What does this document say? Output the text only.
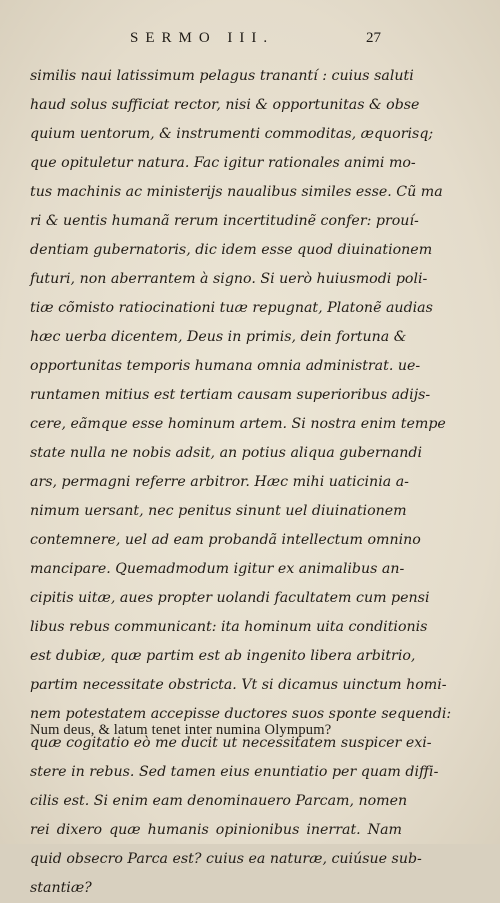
SERMO III.	27
similis naui latissimum pelagus tranantí : cuius saluti
haud solus sufficiat rector, nisi & opportunitas & obse
quium uentorum, & instrumenti commoditas, æquorisq;
que opituletur natura. Fac igitur rationales animi mo-
tus machinis ac ministerijs naualibus similes esse. Cũ ma
ri & uentis humanã rerum incertitudinẽ confer: prouí-
dentiam gubernatoris, dic idem esse quod diuinationem
futuri, non aberrantem à signo. Si uerò huiusmodi poli-
tiæ cõmisto ratiocinationi tuæ repugnat, Platonẽ audias
hæc uerba dicentem, Deus in primis, dein fortuna &
opportunitas temporis humana omnia administrat. ue-
runtamen mitius est tertiam causam superioribus adijs-
cere, eãmque esse hominum artem. Si nostra enim tempe
state nulla ne nobis adsit, an potius aliqua gubernandi
ars, permagni referre arbitror. Hæc mihi uaticinia a-
nimum uersant, nec penitus sinunt uel diuinationem
contemnere, uel ad eam probandã intellectum omnino
mancipare. Quemadmodum igitur ex animalibus an-
cipitis uitæ, aues propter uolandi facultatem cum pensi
libus rebus communicant: ita hominum uita conditionis
est dubiæ, quæ partim est ab ingenito libera arbitrio,
partim necessitate obstricta. Vt si dicamus uinctum homi-
nem potestatem accepisse ductores suos sponte sequendi:
quæ cogitatio eò me ducit ut necessitatem suspicer exi-
stere in rebus. Sed tamen eius enuntiatio per quam diffi-
cilis est. Si enim eam denominauero Parcam, nomen
rei dixero quæ humanis opinionibus inerrat. Nam
quid obsecro Parca est? cuius ea naturæ, cuiúsue sub-
stantiæ?
Num deus, & latum tenet inter numina Olympum?
